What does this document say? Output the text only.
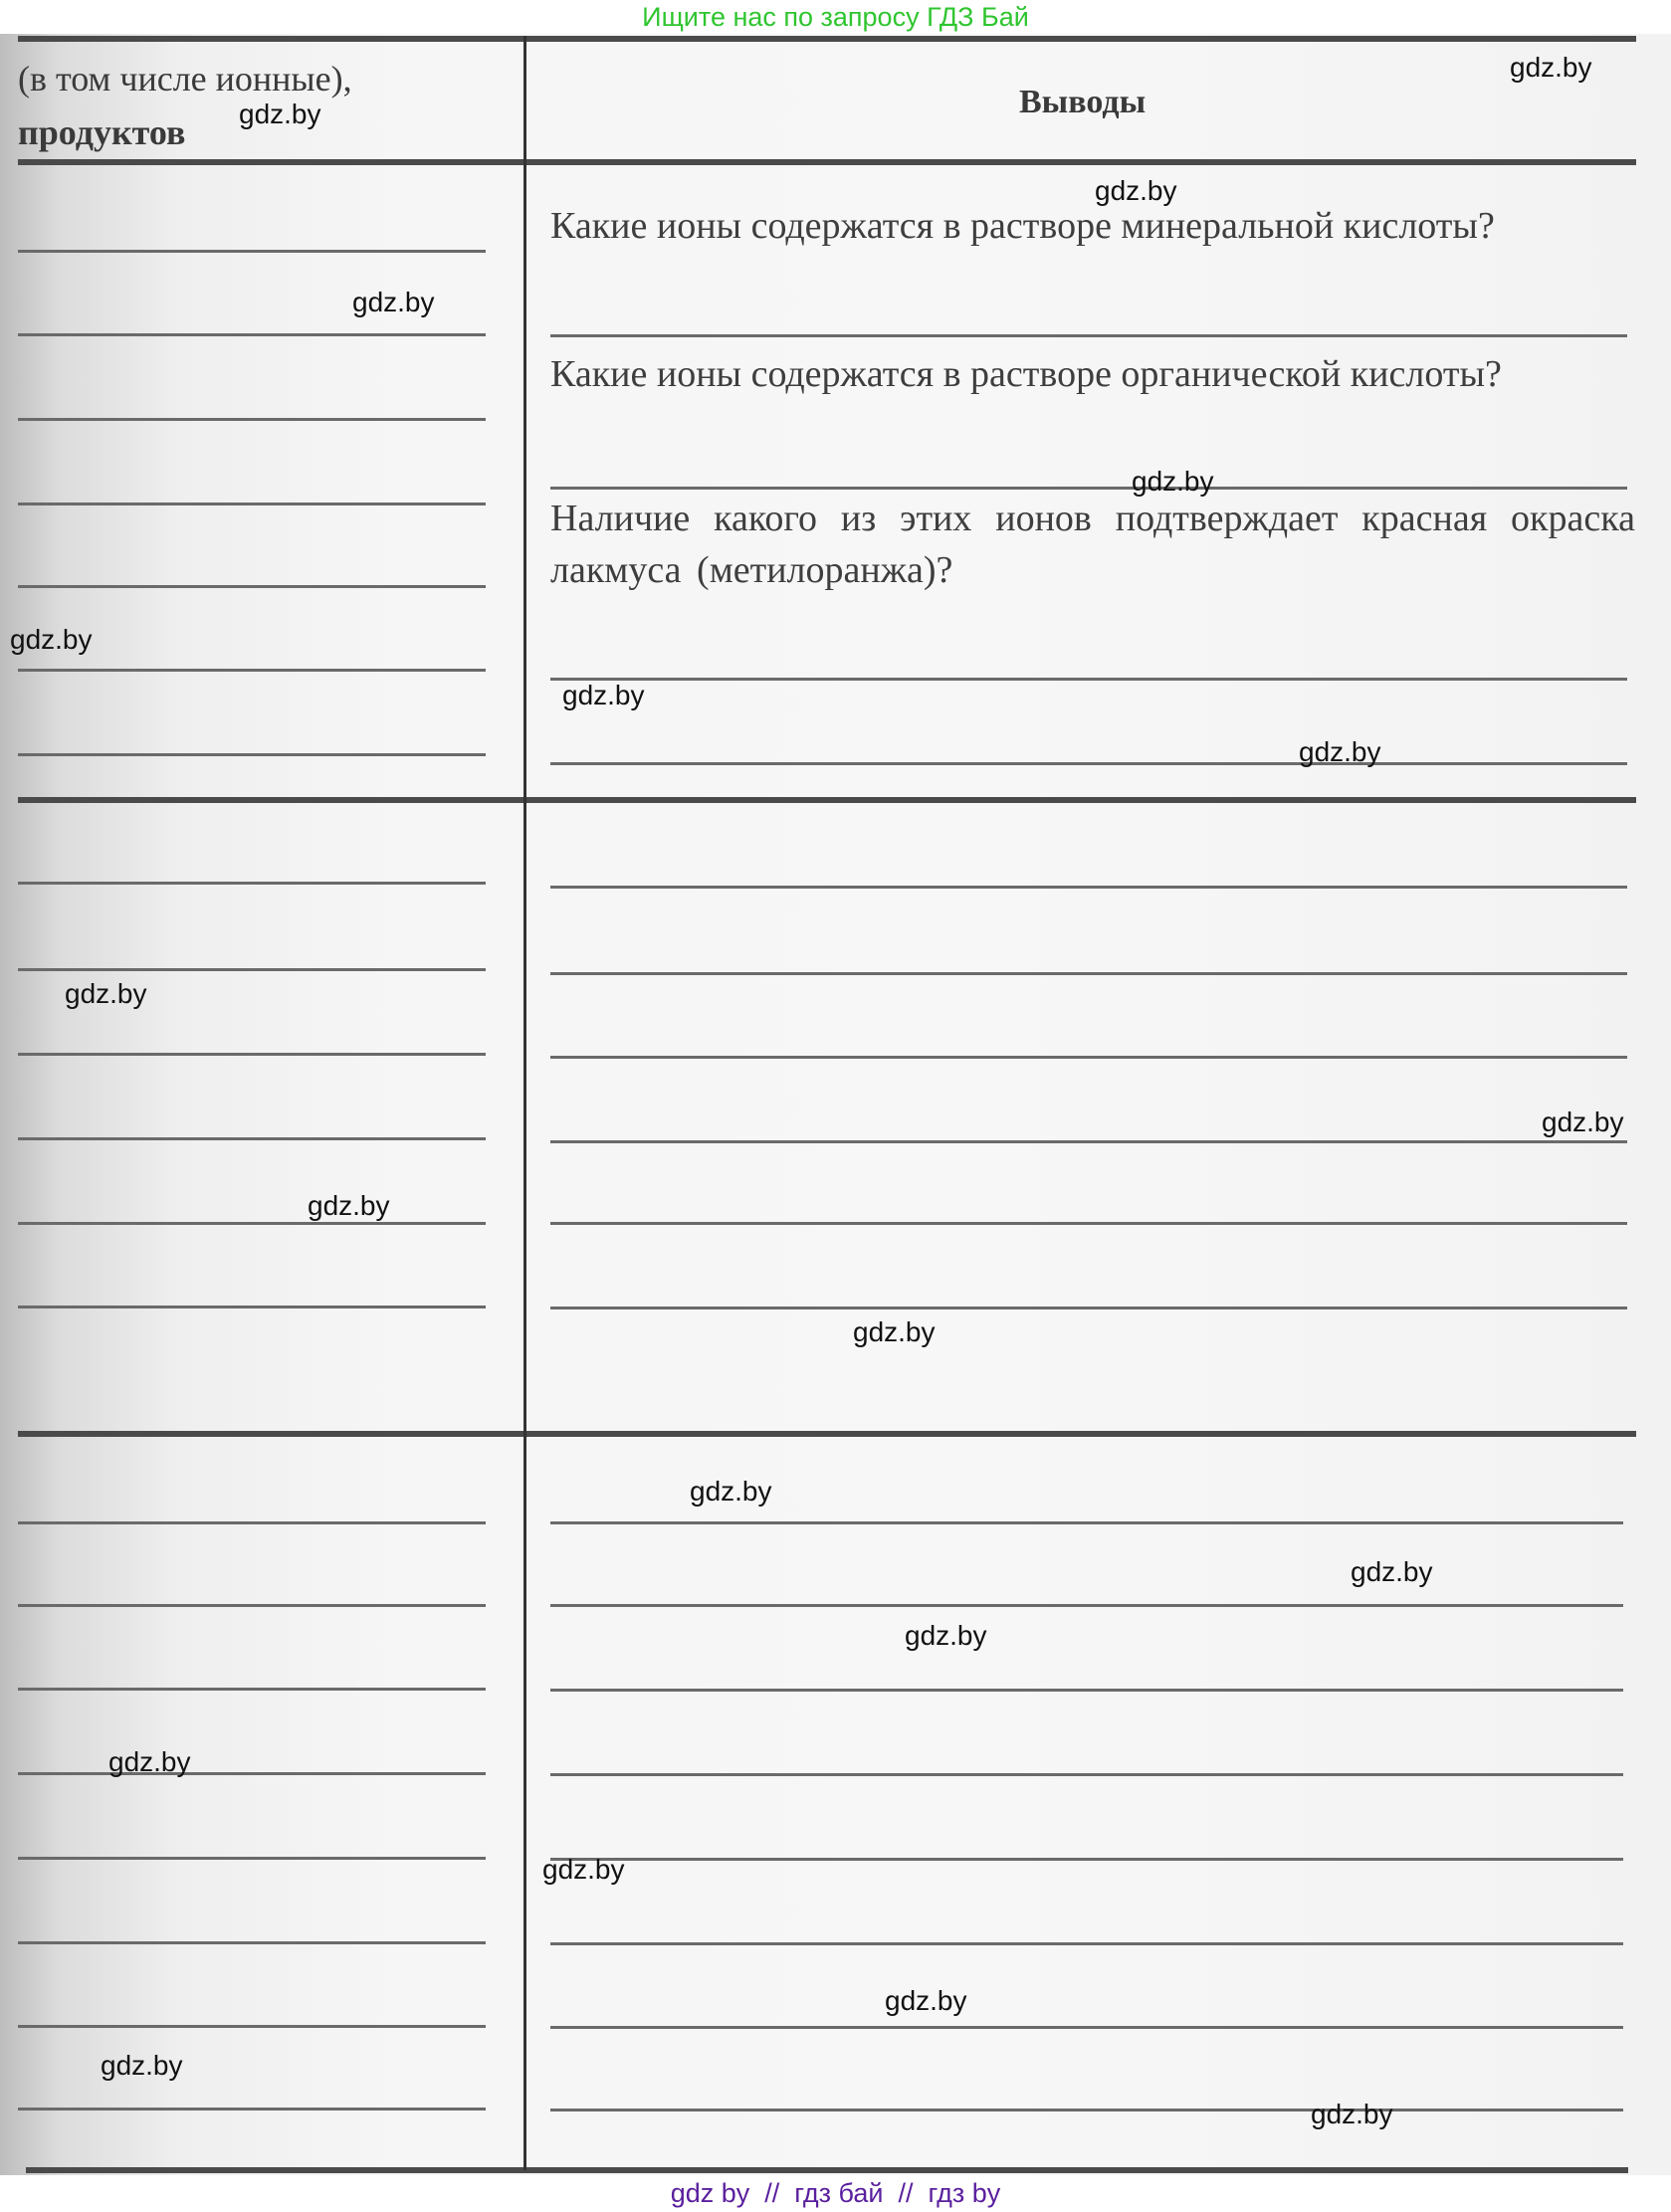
Ищите нас по запросу ГДЗ Бай
(в том числе ионные),
продуктов
Выводы
Какие ионы содержатся в растворе минеральной кислоты?
Какие ионы содержатся в растворе органической кислоты?
Наличие какого из этих ионов подтверждает красная окраска лакмуса (метилоранжа)?
gdz.by
gdz.by
gdz.by
gdz.by
gdz.by
gdz.by
gdz.by
gdz.by
gdz.by
gdz.by
gdz.by
gdz.by
gdz.by
gdz.by
gdz.by
gdz.by
gdz.by
gdz.by
gdz.by
gdz.by
gdz by  //  гдз бай  //  гдз by
